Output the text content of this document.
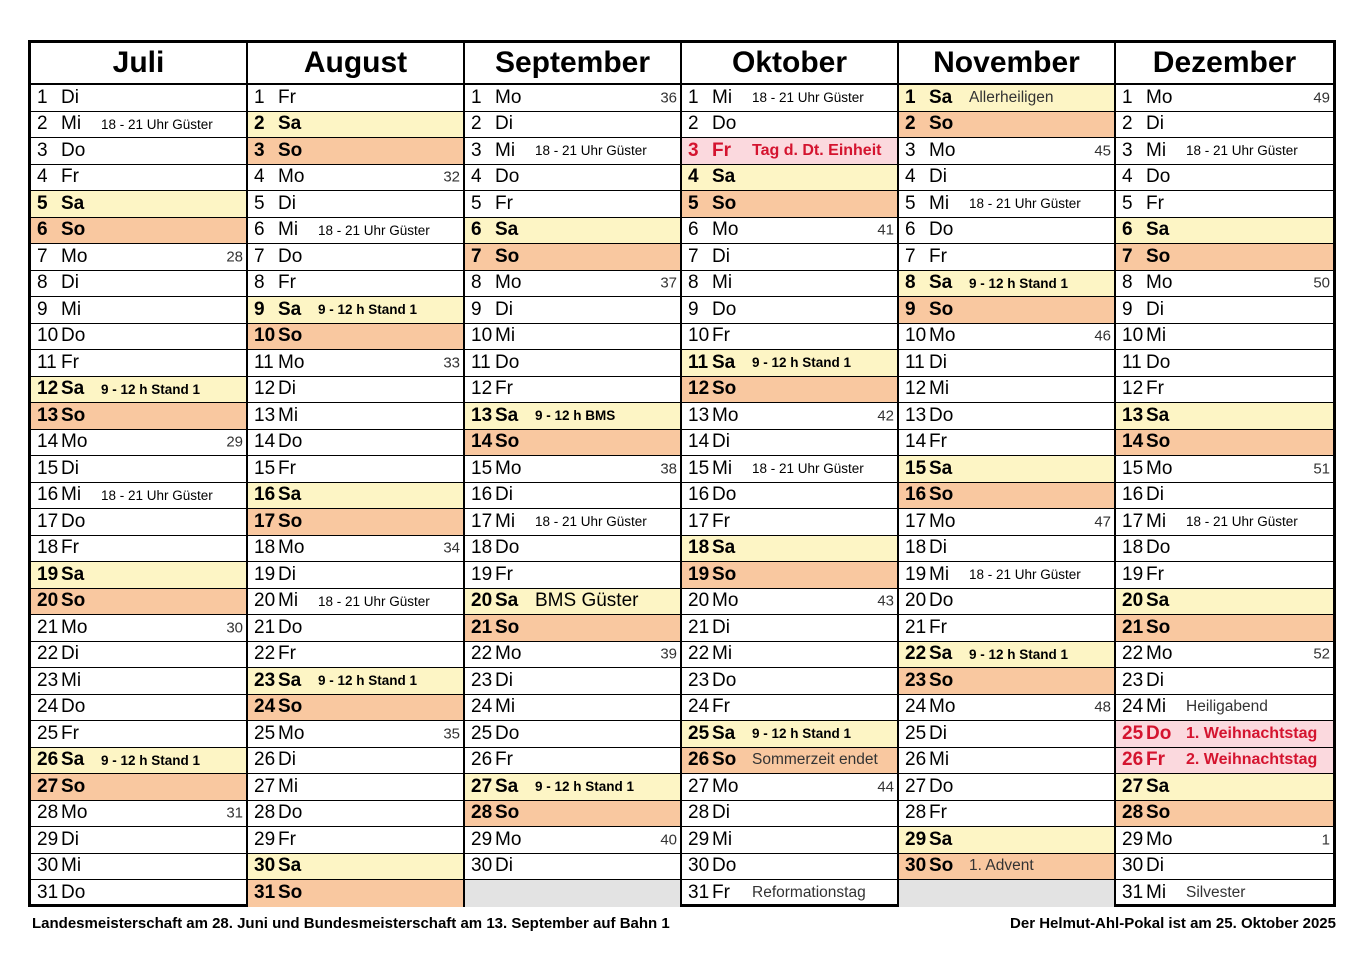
Juli
1 Di
2 Mi	18 - 21 Uhr Güster
3 Do
4 Fr
5 Sa
6 So
7 Mo	28
8 Di
9 Mi
10 Do
11 Fr
12 Sa	9 - 12 h Stand 1
13 So
14 Mo	29
15 Di
16 Mi	18 - 21 Uhr Güster
17 Do
18 Fr
19 Sa
20 So
21 Mo	30
22 Di
23 Mi
24 Do
25 Fr
26 Sa	9 - 12 h Stand 1
27 So
28 Mo	31
29 Di
30 Mi
31 Do
August
1 Fr
2 Sa
3 So
4 Mo	32
5 Di
6 Mi	18 - 21 Uhr Güster
7 Do
8 Fr
9 Sa	9 - 12 h Stand 1
10 So
11 Mo	33
12 Di
13 Mi
14 Do
15 Fr
16 Sa
17 So
18 Mo	34
19 Di
20 Mi	18 - 21 Uhr Güster
21 Do
22 Fr
23 Sa	9 - 12 h Stand 1
24 So
25 Mo	35
26 Di
27 Mi
28 Do
29 Fr
30 Sa
31 So
September
1 Mo	36
2 Di
3 Mi	18 - 21 Uhr Güster
4 Do
5 Fr
6 Sa
7 So
8 Mo	37
9 Di
10 Mi
11 Do
12 Fr
13 Sa	9 - 12 h BMS
14 So
15 Mo	38
16 Di
17 Mi	18 - 21 Uhr Güster
18 Do
19 Fr
20 Sa BMS Güster
21 So
22 Mo	39
23 Di
24 Mi
25 Do
26 Fr
27 Sa	9 - 12 h Stand 1
28 So
29 Mo	40
30 Di
Oktober
1 Mi	18 - 21 Uhr Güster
2 Do
3 Fr	Tag d. Dt. Einheit
4 Sa
5 So
6 Mo	41
7 Di
8 Mi
9 Do
10 Fr
11 Sa	9 - 12 h Stand 1
12 So
13 Mo	42
14 Di
15 Mi	18 - 21 Uhr Güster
16 Do
17 Fr
18 Sa
19 So
20 Mo	43
21 Di
22 Mi
23 Do
24 Fr
25 Sa	9 - 12 h Stand 1
26 So	Sommerzeit endet
27 Mo	44
28 Di
29 Mi
30 Do
31 Fr	Reformationstag
November
1 Sa	Allerheiligen
2 So
3 Mo	45
4 Di
5 Mi	18 - 21 Uhr Güster
6 Do
7 Fr
8 Sa	9 - 12 h Stand 1
9 So
10 Mo	46
11 Di
12 Mi
13 Do
14 Fr
15 Sa
16 So
17 Mo	47
18 Di
19 Mi	18 - 21 Uhr Güster
20 Do
21 Fr
22 Sa	9 - 12 h Stand 1
23 So
24 Mo	48
25 Di
26 Mi
27 Do
28 Fr
29 Sa
30 So	1. Advent
Dezember
1 Mo	49
2 Di
3 Mi	18 - 21 Uhr Güster
4 Do
5 Fr
6 Sa
7 So
8 Mo	50
9 Di
10 Mi
11 Do
12 Fr
13 Sa
14 So
15 Mo	51
16 Di
17 Mi	18 - 21 Uhr Güster
18 Do
19 Fr
20 Sa
21 So
22 Mo	52
23 Di
24 Mi	Heiligabend
25 Do 1. Weihnachtstag
26 Fr	2. Weihnachtstag
27 Sa
28 So
29 Mo	1
30 Di
31 Mi	Silvester
Landesmeisterschaft am 28. Juni und Bundesmeisterschaft am 13. September auf Bahn 1	Der Helmut-Ahl-Pokal ist am 25. Oktober 2025
